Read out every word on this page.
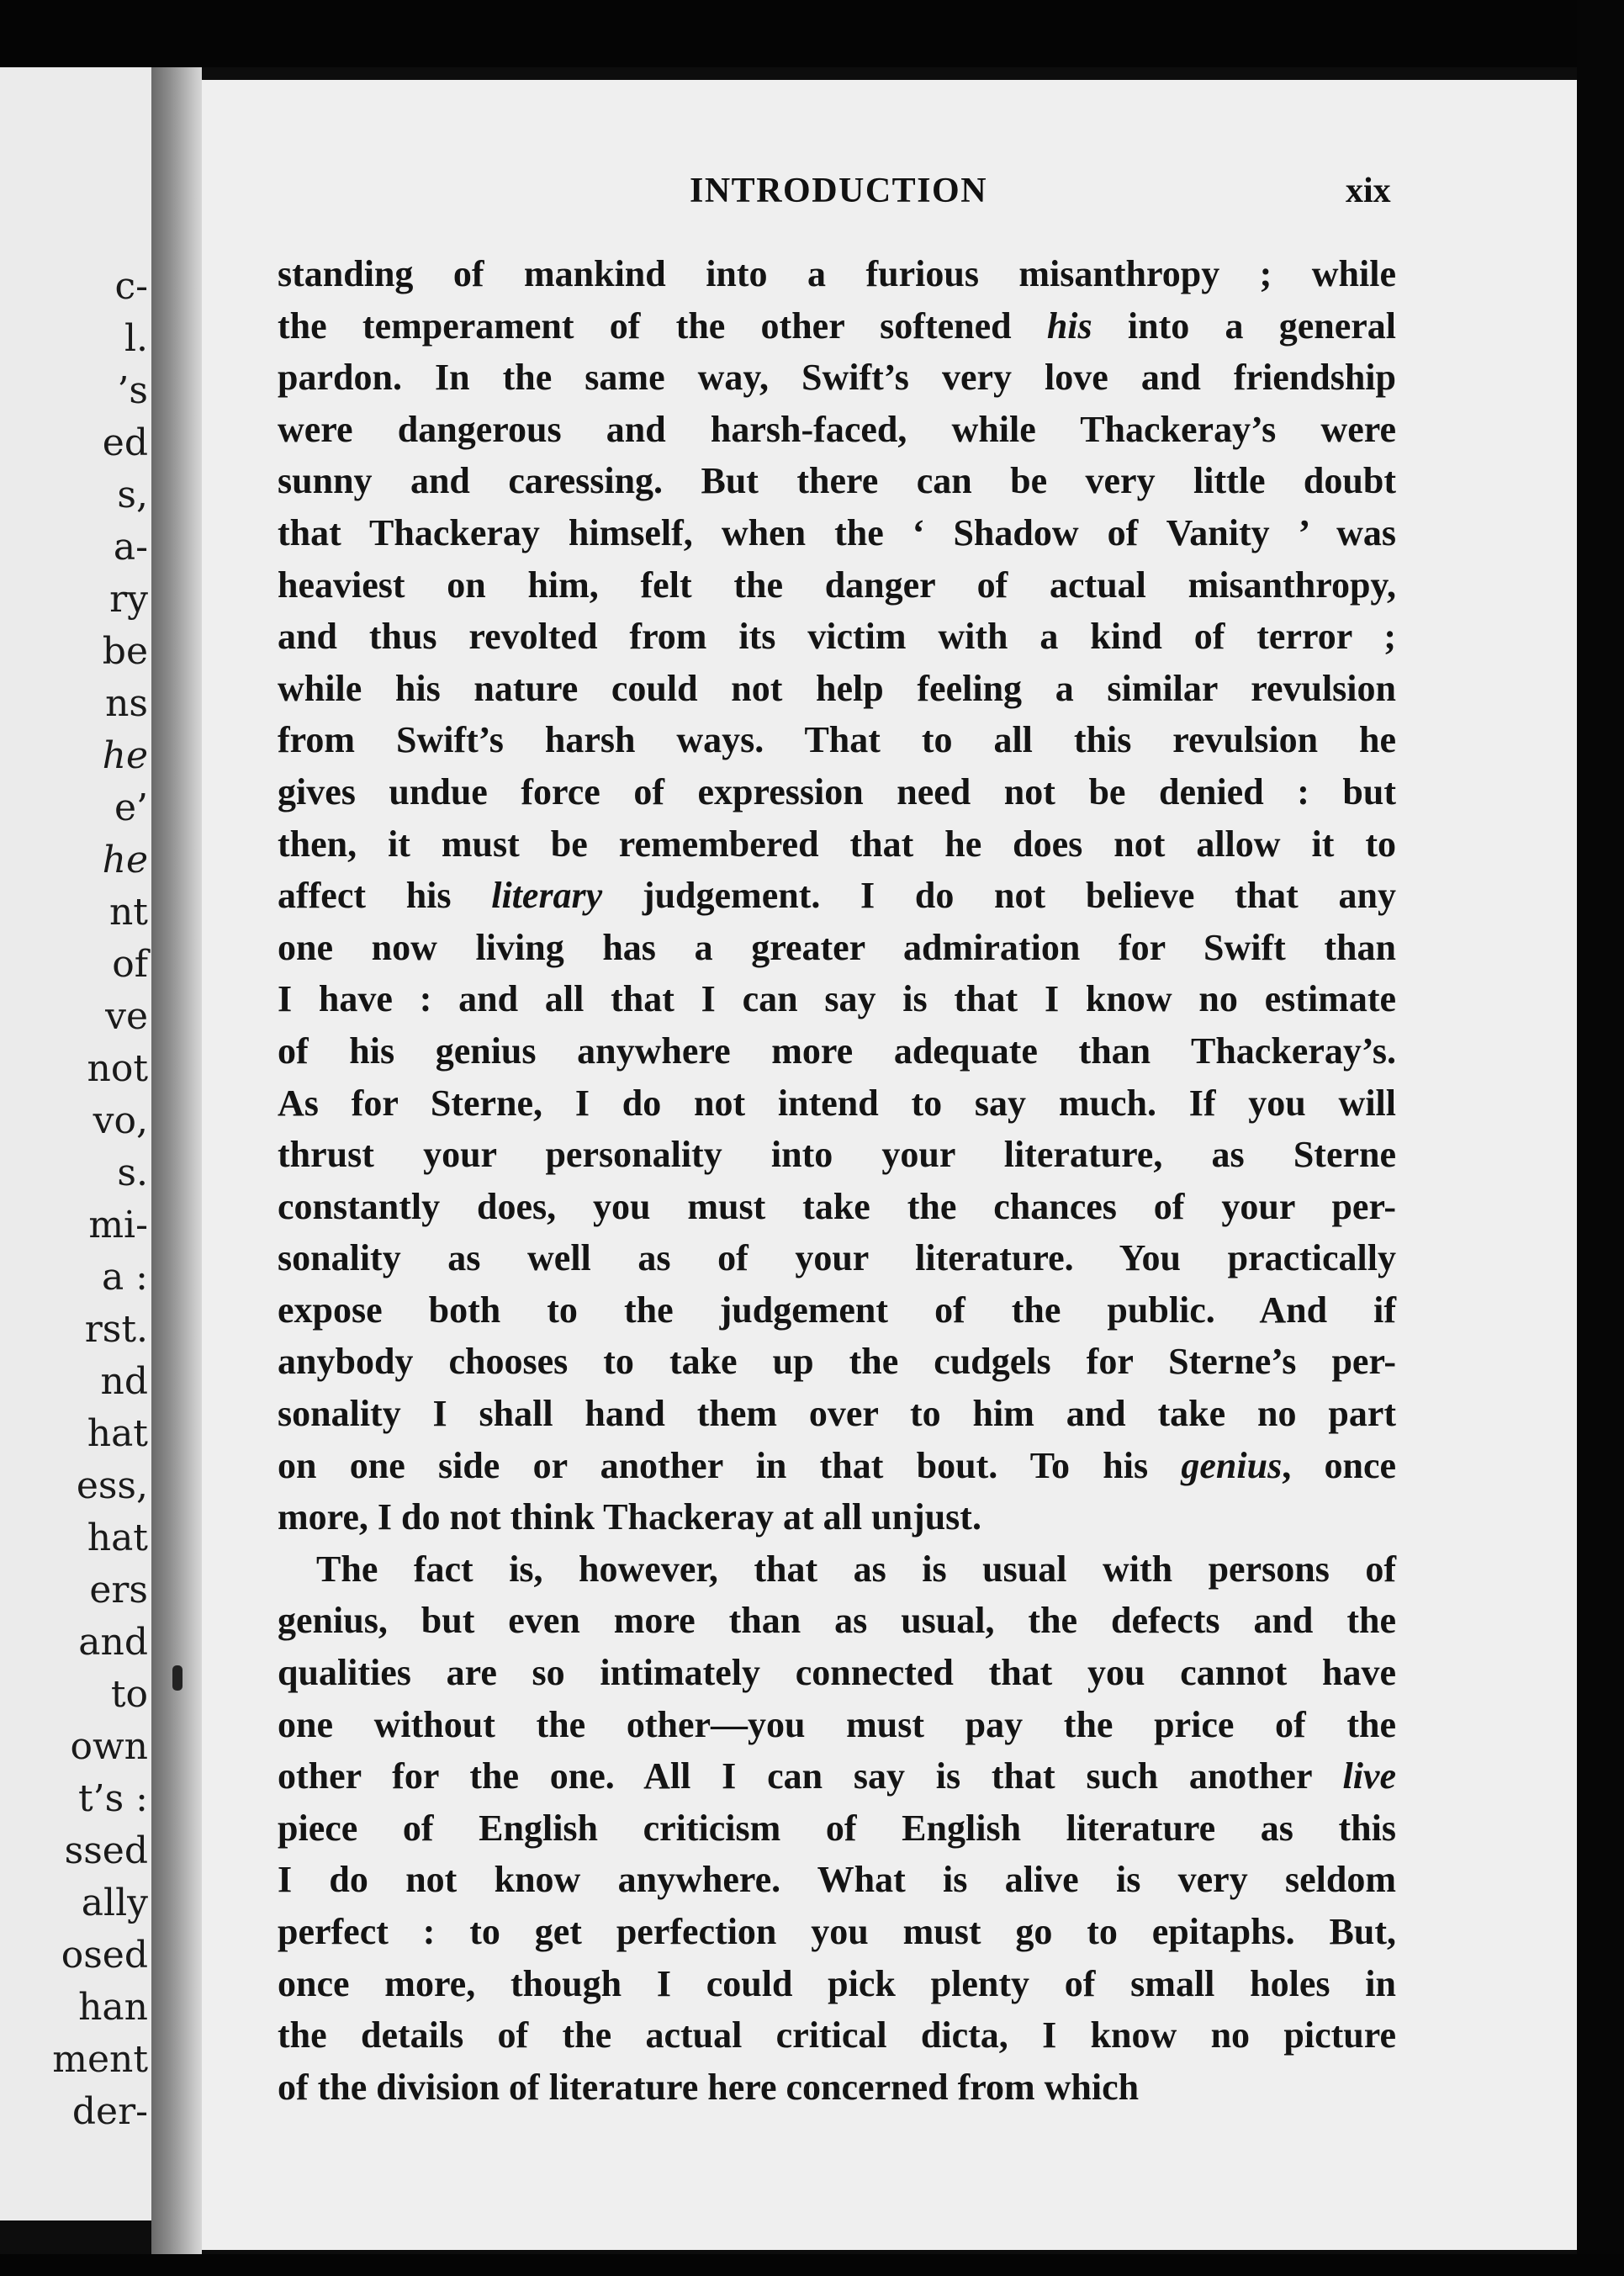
c-
l.
’s
ed
s,
a-
ry
be
ns
he
e’
he
nt
of
ve
not
vo,
s.
mi-
a :
rst.
nd
hat
ess,
hat
ers
and
to
own
t’s :
ssed
ally
osed
han
ment
der-
INTRODUCTION	xix

standing of mankind into a furious misanthropy ; while
the temperament of the other softened his into a general
pardon. In the same way, Swift’s very love and friendship
were dangerous and harsh-faced, while Thackeray’s were
sunny and caressing. But there can be very little doubt
that Thackeray himself, when the ‘ Shadow of Vanity ’ was
heaviest on him, felt the danger of actual misanthropy,
and thus revolted from its victim with a kind of terror ;
while his nature could not help feeling a similar revulsion
from Swift’s harsh ways. That to all this revulsion he
gives undue force of expression need not be denied : but
then, it must be remembered that he does not allow it to
affect his literary judgement. I do not believe that any
one now living has a greater admiration for Swift than
I have : and all that I can say is that I know no estimate
of his genius anywhere more adequate than Thackeray’s.
As for Sterne, I do not intend to say much. If you will
thrust your personality into your literature, as Sterne
constantly does, you must take the chances of your per-
sonality as well as of your literature. You practically
expose both to the judgement of the public. And if
anybody chooses to take up the cudgels for Sterne’s per-
sonality I shall hand them over to him and take no part
on one side or another in that bout. To his genius, once
more, I do not think Thackeray at all unjust.

The fact is, however, that as is usual with persons of
genius, but even more than as usual, the defects and the
qualities are so intimately connected that you cannot have
one without the other—you must pay the price of the
other for the one. All I can say is that such another live
piece of English criticism of English literature as this
I do not know anywhere. What is alive is very seldom
perfect : to get perfection you must go to epitaphs. But,
once more, though I could pick plenty of small holes in
the details of the actual critical dicta, I know no picture
of the division of literature here concerned from which
